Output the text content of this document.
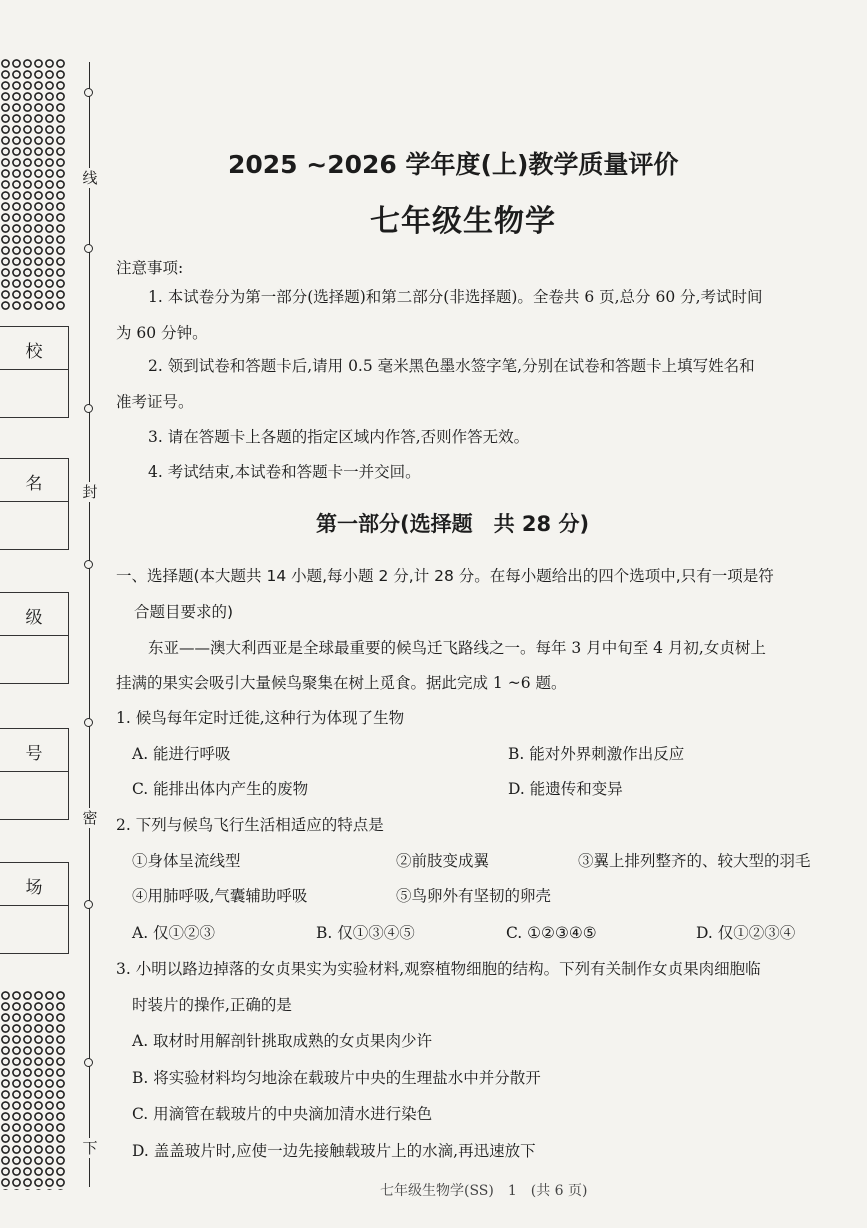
线
封
密
下
校
名
级
号
场
2025 ~2026 学年度(上)教学质量评价
七年级生物学
注意事项:
1. 本试卷分为第一部分(选择题)和第二部分(非选择题)。全卷共 6 页,总分 60 分,考试时间
为 60 分钟。
2. 领到试卷和答题卡后,请用 0.5 毫米黑色墨水签字笔,分别在试卷和答题卡上填写姓名和
准考证号。
3. 请在答题卡上各题的指定区域内作答,否则作答无效。
4. 考试结束,本试卷和答题卡一并交回。
第一部分(选择题　共 28 分)
一、选择题(本大题共 14 小题,每小题 2 分,计 28 分。在每小题给出的四个选项中,只有一项是符
合题目要求的)
东亚——澳大利西亚是全球最重要的候鸟迁飞路线之一。每年 3 月中旬至 4 月初,女贞树上
挂满的果实会吸引大量候鸟聚集在树上觅食。据此完成 1 ~6 题。
1. 候鸟每年定时迁徙,这种行为体现了生物
A. 能进行呼吸	B. 能对外界刺激作出反应
C. 能排出体内产生的废物	D. 能遗传和变异
2. 下列与候鸟飞行生活相适应的特点是
①身体呈流线型	②前肢变成翼	③翼上排列整齐的、较大型的羽毛
④用肺呼吸,气囊辅助呼吸	⑤鸟卵外有坚韧的卵壳
A. 仅①②③	B. 仅①③④⑤	C. ①②③④⑤	D. 仅①②③④
3. 小明以路边掉落的女贞果实为实验材料,观察植物细胞的结构。下列有关制作女贞果肉细胞临
时装片的操作,正确的是
A. 取材时用解剖针挑取成熟的女贞果肉少许
B. 将实验材料均匀地涂在载玻片中央的生理盐水中并分散开
C. 用滴管在载玻片的中央滴加清水进行染色
D. 盖盖玻片时,应使一边先接触载玻片上的水滴,再迅速放下
七年级生物学(SS)　1　(共 6 页)
